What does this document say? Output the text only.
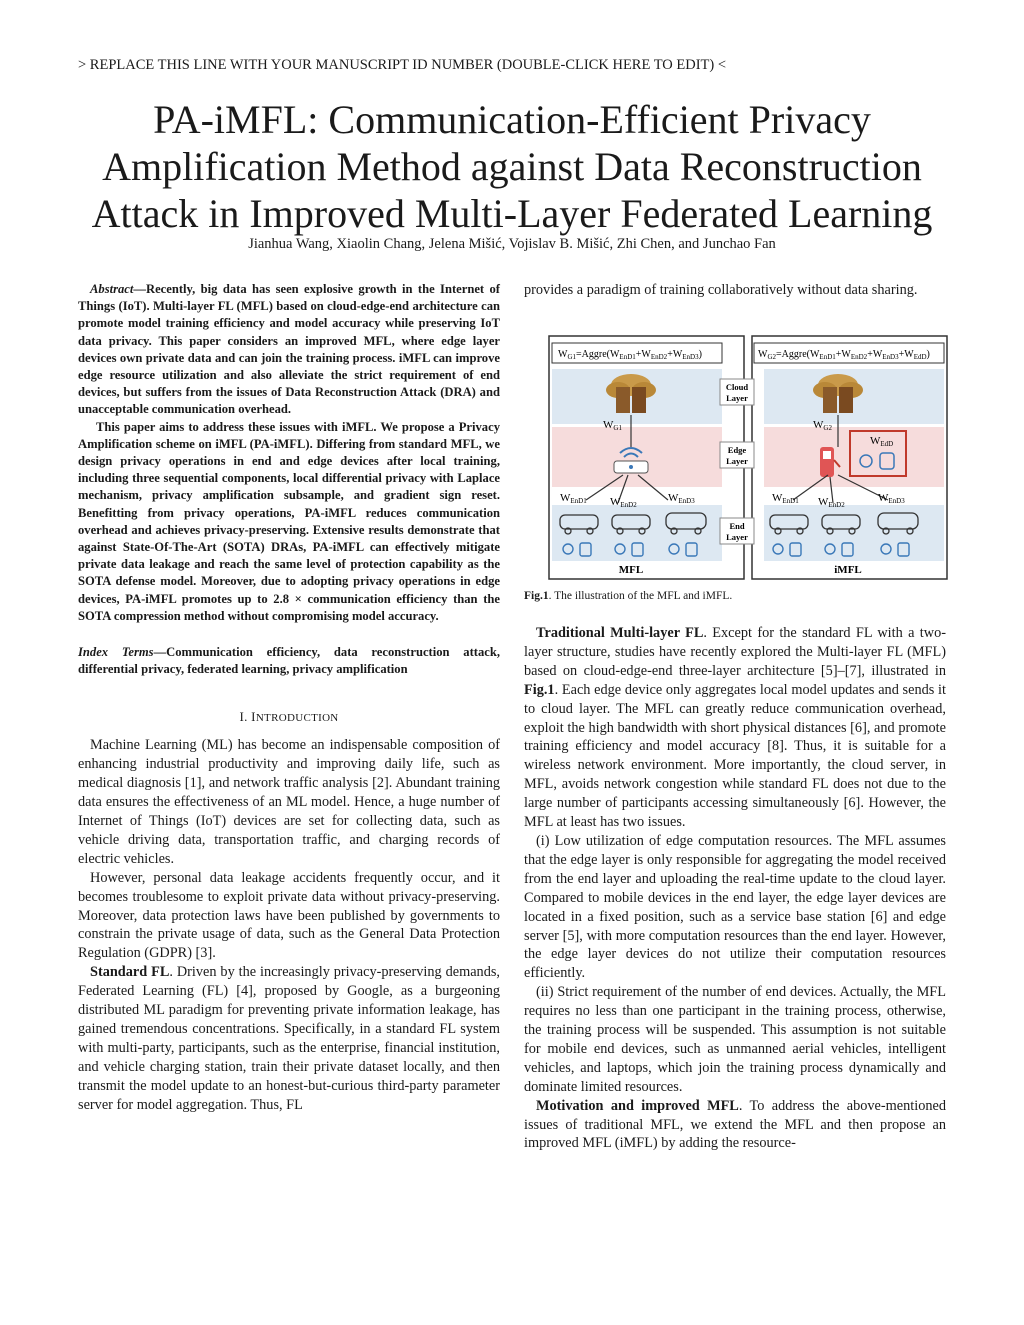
> REPLACE THIS LINE WITH YOUR MANUSCRIPT ID NUMBER (DOUBLE-CLICK HERE TO EDIT) <
PA-iMFL: Communication-Efficient Privacy
Amplification Method against Data Reconstruction
Attack in Improved Multi-Layer Federated Learning
Jianhua Wang, Xiaolin Chang, Jelena Mišić, Vojislav B. Mišić, Zhi Chen, and Junchao Fan

Abstract—Recently, big data has seen explosive growth in the Internet of Things (IoT). Multi-layer FL (MFL) based on cloud-edge-end architecture can promote model training efficiency and model accuracy while preserving IoT data privacy. This paper considers an improved MFL, where edge layer devices own private data and can join the training process. iMFL can improve edge resource utilization and also alleviate the strict requirement of end devices, but suffers from the issues of Data Reconstruction Attack (DRA) and unacceptable communication overhead.

This paper aims to address these issues with iMFL. We propose a Privacy Amplification scheme on iMFL (PA-iMFL). Differing from standard MFL, we design privacy operations in end and edge devices after local training, including three sequential components, local differential privacy with Laplace mechanism, privacy amplification subsample, and gradient sign reset. Benefitting from privacy operations, PA-iMFL reduces communication overhead and achieves privacy-preserving. Extensive results demonstrate that against State-Of-The-Art (SOTA) DRAs, PA-iMFL can effectively mitigate private data leakage and reach the same level of protection capability as the SOTA defense model. Moreover, due to adopting privacy operations in edge devices, PA-iMFL promotes up to 2.8 × communication efficiency than the SOTA compression method without compromising model accuracy.

Index Terms—Communication efficiency, data reconstruction attack, differential privacy, federated learning, privacy amplification

I. INTRODUCTION

Machine Learning (ML) has become an indispensable composition of enhancing industrial productivity and improving daily life, such as medical diagnosis [1], and network traffic analysis [2]. Abundant training data ensures the effectiveness of an ML model. Hence, a huge number of Internet of Things (IoT) devices are set for collecting data, such as vehicle driving data, transportation traffic, and charging records of electric vehicles.

However, personal data leakage accidents frequently occur, and it becomes troublesome to exploit private data without privacy-preserving. Moreover, data protection laws have been published by governments to constrain the private usage of data, such as the General Data Protection Regulation (GDPR) [3].

Standard FL. Driven by the increasingly privacy-preserving demands, Federated Learning (FL) [4], proposed by Google, as a burgeoning distributed ML paradigm for preventing private information leakage, has gained tremendous concentrations. Specifically, in a standard FL system with multi-party, participants, such as the enterprise, financial institution, and vehicle charging station, train their private dataset locally, and then transmit the model update to an honest-but-curious third-party parameter server for model aggregation. Thus, FL

provides a paradigm of training collaboratively without data sharing.

$W_{G1}=Aggre(W_{EnD1}+W_{EnD2}+W_{EnD3})$	$W_{G2}=Aggre(W_{EnD1}+W_{EnD2}+W_{EnD3}+W_{EdD})$
Cloud
Layer
Edge
Layer
End
Layer
WG1	WG2
WEdD
WEnD1 WEnD2
WEnD3	WEnD1 WEnD2
WEnD3
MFL	iMFL
Fig.1. The illustration of the MFL and iMFL.

Traditional Multi-layer FL. Except for the standard FL with a two-layer structure, studies have recently explored the Multi-layer FL (MFL) based on cloud-edge-end three-layer architecture [5]–[7], illustrated in Fig.1. Each edge device only aggregates local model updates and sends it to cloud layer. The MFL can greatly reduce communication overhead, exploit the high bandwidth with short physical distances [6], and promote training efficiency and model accuracy [8]. Thus, it is suitable for a wireless network environment. More importantly, the cloud server, in MFL, avoids network congestion while standard FL does not due to the large number of participants accessing simultaneously [6]. However, the MFL at least has two issues.

(i) Low utilization of edge computation resources. The MFL assumes that the edge layer is only responsible for aggregating the model received from the end layer and uploading the real-time update to the cloud layer. Compared to mobile devices in the end layer, the edge layer devices are located in a fixed position, such as a service base station [6] and edge server [5], with more computation resources than the end layer. However, the edge layer devices do not utilize their computation resources efficiently.

(ii) Strict requirement of the number of end devices. Actually, the MFL requires no less than one participant in the training process, otherwise, the training process will be suspended. This assumption is not suitable for mobile end devices, such as unmanned aerial vehicles, intelligent vehicles, and laptops, which join the training process dynamically and dominate limited resources.

Motivation and improved MFL. To address the above-mentioned issues of traditional MFL, we extend the MFL and then propose an improved MFL (iMFL) by adding the resource-
